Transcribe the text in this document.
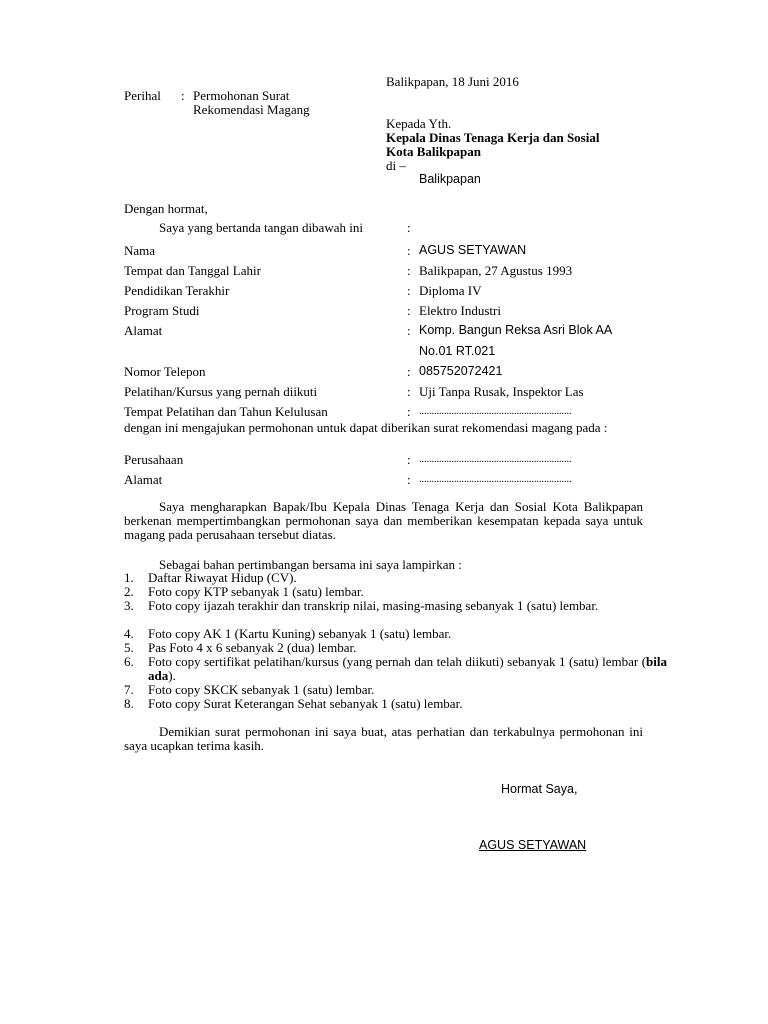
Balikpapan, 18 Juni 2016
Perihal : Permohonan Surat
Rekomendasi Magang
Kepada Yth.
Kepala Dinas Tenaga Kerja dan Sosial
Kota Balikpapan
di –
Balikpapan
Dengan hormat,
Saya yang bertanda tangan dibawah ini	:
Nama	: AGUS SETYAWAN
Tempat dan Tanggal Lahir	: Balikpapan, 27 Agustus 1993
Pendidikan Terakhir	: Diploma IV
Program Studi	: Elektro Industri
Alamat	: Komp. Bangun Reksa Asri Blok AA
No.01 RT.021
Nomor Telepon	: 085752072421
Pelatihan/Kursus yang pernah diikuti	: Uji Tanpa Rusak, Inspektor Las
Tempat Pelatihan dan Tahun Kelulusan	: .............................................................
dengan ini mengajukan permohonan untuk dapat diberikan surat rekomendasi magang pada :
Perusahaan	: .............................................................
Alamat	: .............................................................
Saya mengharapkan Bapak/Ibu Kepala Dinas Tenaga Kerja dan Sosial Kota Balikpapan berkenan mempertimbangkan permohonan saya dan memberikan kesempatan kepada saya untuk magang pada perusahaan tersebut diatas.
Sebagai bahan pertimbangan bersama ini saya lampirkan :
1. Daftar Riwayat Hidup (CV).
2. Foto copy KTP sebanyak 1 (satu) lembar.
3. Foto copy ijazah terakhir dan transkrip nilai, masing-masing sebanyak 1 (satu) lembar.
4. Foto copy AK 1 (Kartu Kuning) sebanyak 1 (satu) lembar.
5. Pas Foto 4 x 6 sebanyak 2 (dua) lembar.
6. Foto copy sertifikat pelatihan/kursus (yang pernah dan telah diikuti) sebanyak 1 (satu) lembar (bila ada).
7. Foto copy SKCK sebanyak 1 (satu) lembar.
8. Foto copy Surat Keterangan Sehat sebanyak 1 (satu) lembar.
Demikian surat permohonan ini saya buat, atas perhatian dan terkabulnya permohonan ini saya ucapkan terima kasih.
Hormat Saya,
AGUS SETYAWAN
